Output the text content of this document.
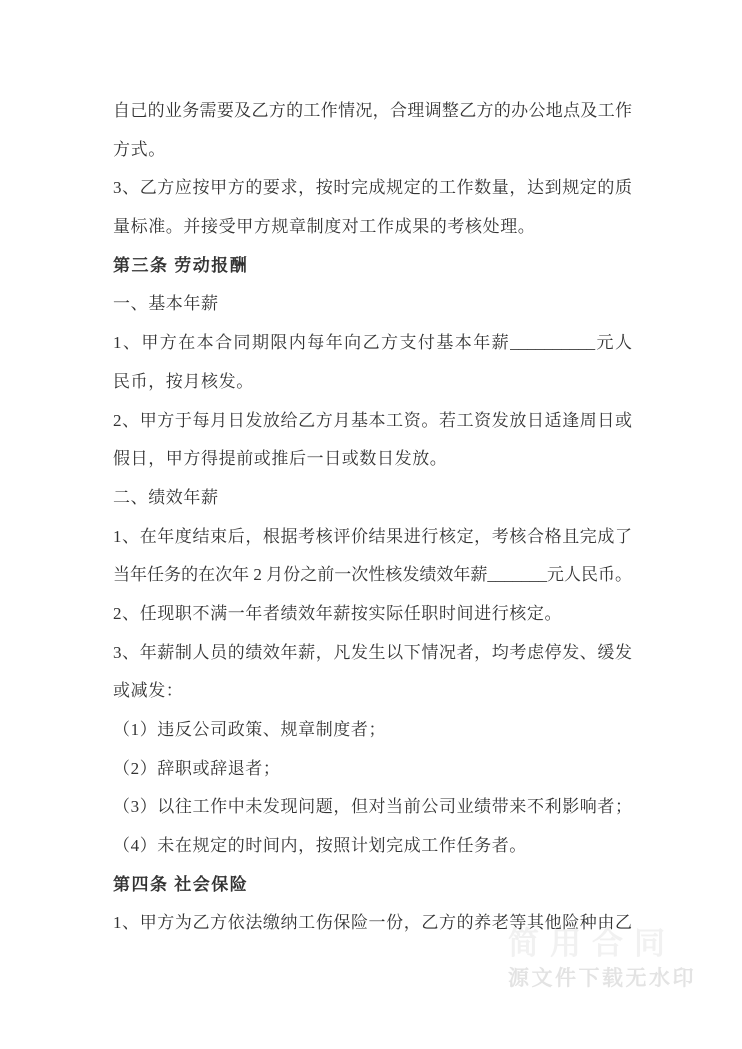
自己的业务需要及乙方的工作情况，合理调整乙方的办公地点及工作
方式。
3、乙方应按甲方的要求，按时完成规定的工作数量，达到规定的质
量标准。并接受甲方规章制度对工作成果的考核处理。
第三条 劳动报酬
一、基本年薪
1、甲方在本合同期限内每年向乙方支付基本年薪__________元人
民币，按月核发。
2、甲方于每月日发放给乙方月基本工资。若工资发放日适逢周日或
假日，甲方得提前或推后一日或数日发放。
二、绩效年薪
1、在年度结束后，根据考核评价结果进行核定，考核合格且完成了
当年任务的在次年 2 月份之前一次性核发绩效年薪_______元人民币。
2、任现职不满一年者绩效年薪按实际任职时间进行核定。
3、年薪制人员的绩效年薪，凡发生以下情况者，均考虑停发、缓发
或减发：
（1）违反公司政策、规章制度者；
（2）辞职或辞退者；
（3）以往工作中未发现问题，但对当前公司业绩带来不利影响者；
（4）未在规定的时间内，按照计划完成工作任务者。
第四条 社会保险
1、甲方为乙方依法缴纳工伤保险一份，乙方的养老等其他险种由乙
简用合同
源文件下载无水印
